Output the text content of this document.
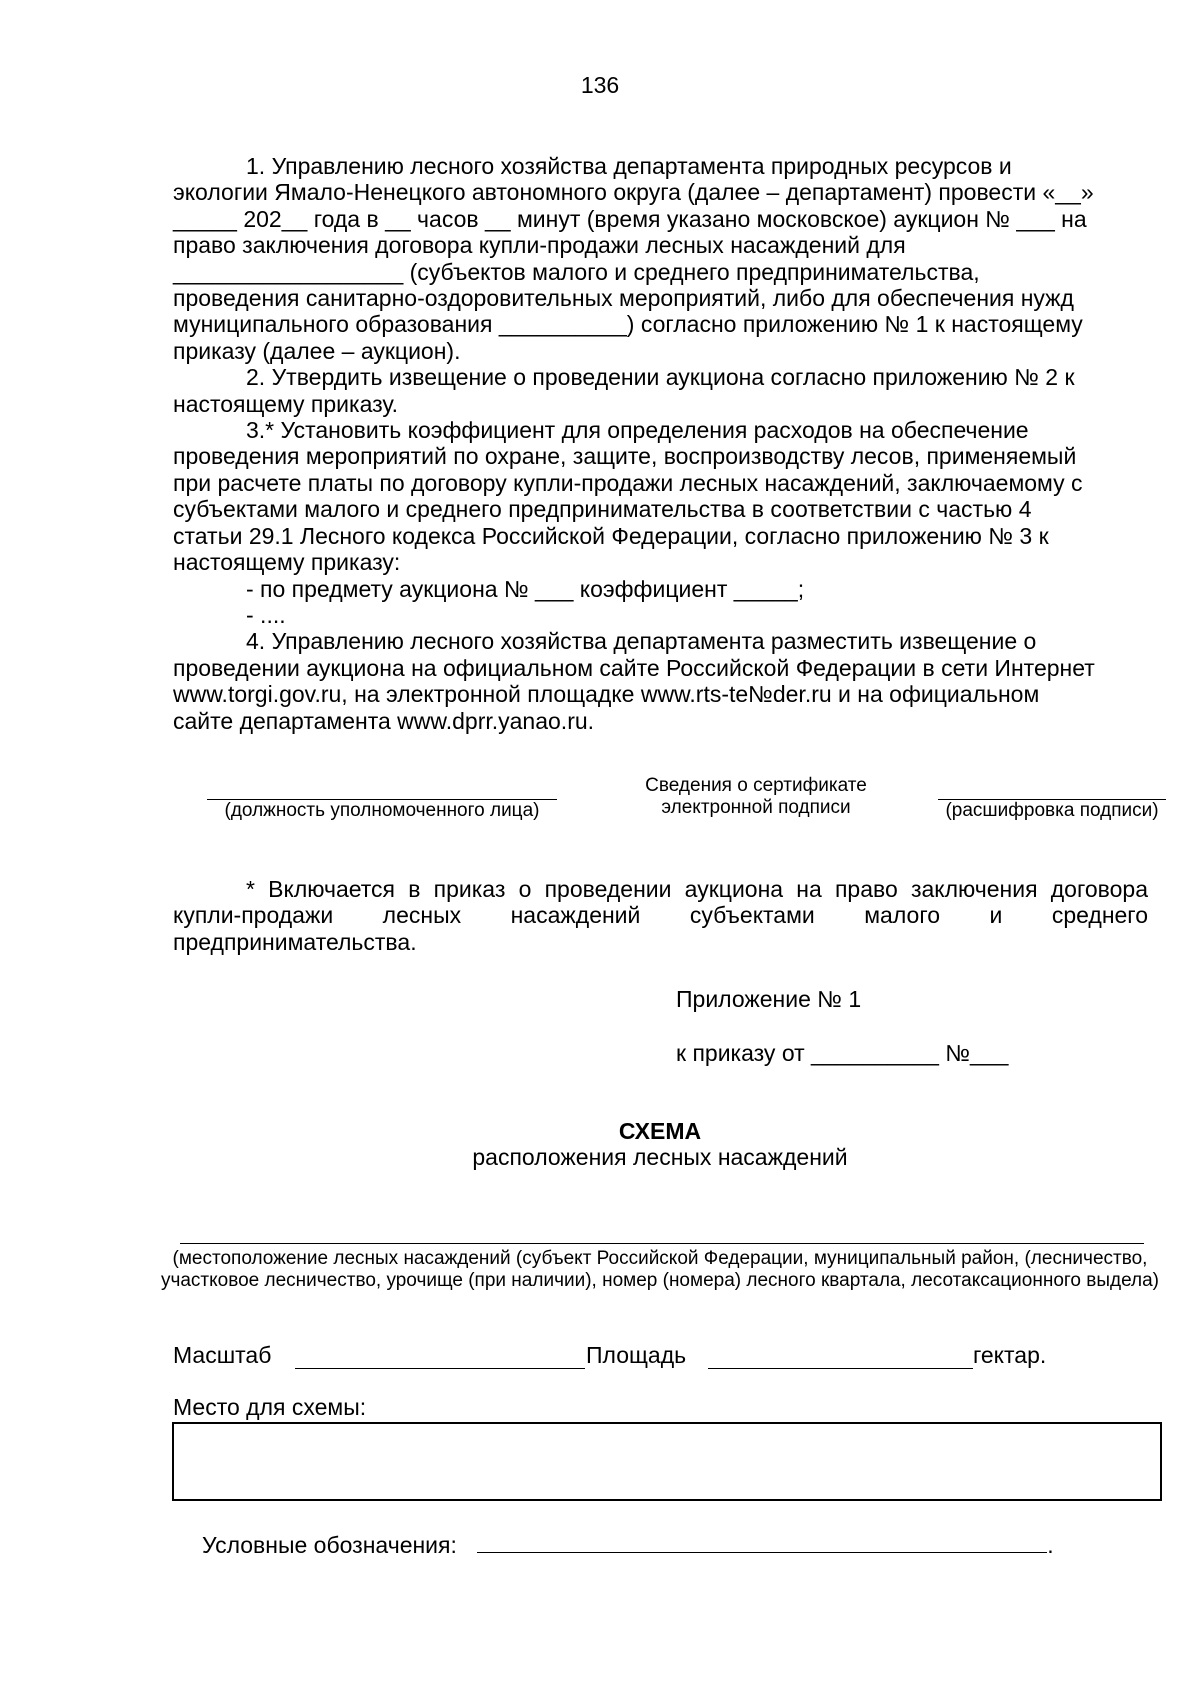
136

1. Управлению лесного хозяйства департамента природных ресурсов и

экологии Ямало-Ненецкого автономного округа (далее – департамент) провести «__»

_____ 202__ года в __ часов __ минут (время указано московское) аукцион № ___ на

право заключения договора купли-продажи лесных насаждений для

__________________ (субъектов малого и среднего предпринимательства,

проведения санитарно-оздоровительных мероприятий, либо для обеспечения нужд

муниципального образования __________) согласно приложению № 1 к настоящему

приказу (далее – аукцион).

2. Утвердить извещение о проведении аукциона согласно приложению № 2 к

настоящему приказу.

3.* Установить коэффициент для определения расходов на обеспечение

проведения мероприятий по охране, защите, воспроизводству лесов, применяемый

при расчете платы по договору купли-продажи лесных насаждений, заключаемому с

субъектами малого и среднего предпринимательства в соответствии с частью 4

статьи 29.1 Лесного кодекса Российской Федерации, согласно приложению № 3 к

настоящему приказу:

- по предмету аукциона № ___ коэффициент _____;

- ....

4. Управлению лесного хозяйства департамента разместить извещение о

проведении аукциона на официальном сайте Российской Федерации в сети Интернет

www.torgi.gov.ru, на электронной площадке www.rts-te№der.ru и на официальном

сайте департамента www.dprr.yanao.ru.

(должность уполномоченного лица)
Сведения о сертификате электронной подписи	(расшифровка подписи)

* Включается в приказ о проведении аукциона на право заключения договора

купли-продажи лесных насаждений субъектами малого и среднего

предпринимательства.

Приложение № 1
к приказу от __________ №___
СХЕМА
расположения лесных насаждений
(местоположение лесных насаждений (субъект Российской Федерации, муниципальный район, (лесничество, участковое лесничество, урочище (при наличии), номер (номера) лесного квартала, лесотаксационного выдела)
Масштаб	Площадь	гектар.
Место для схемы:
Условные обозначения:	.
